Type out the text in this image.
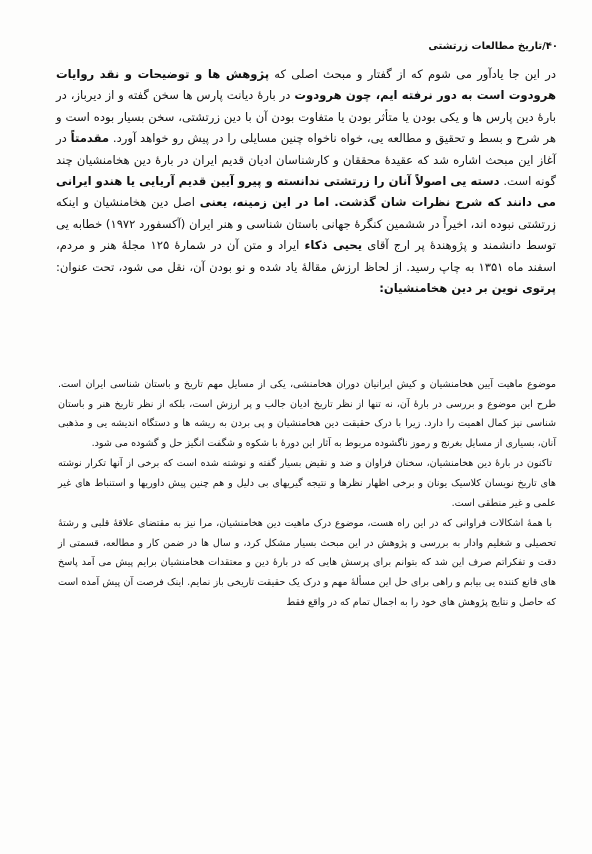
۴۰/تاریخ مطالعات زرتشتی

در این جا یادآور می شوم که از گفتار و مبحث اصلی که پژوهش ها و توضیحات و نقد روایات هرودوت است به دور نرفته ایم، چون هرودوت در بارهٔ دیانت پارس ها سخن گفته و از دیرباز، در بارهٔ دین پارس ها و یکی بودن یا متأثر بودن یا متفاوت بودن آن با دین زرتشتی، سخن بسیار بوده است و هر شرح و بسط و تحقیق و مطالعه یی، خواه ناخواه چنین مسایلی را در پیش رو خواهد آورد. مقدمتاً در آغاز این مبحث اشاره شد که عقیدهٔ محققان و کارشناسان ادیان قدیم ایران در بارهٔ دین هخامنشیان چند گونه است. دسته یی اصولاً آنان را زرتشتی ندانسته و پیرو آیین قدیم آریایی یا هندو ایرانی می دانند که شرح نظرات شان گذشت. اما در این زمینه، یعنی اصل دین هخامنشیان و اینکه زرتشتی نبوده اند، اخیراً در ششمین کنگرهٔ جهانی باستان شناسی و هنر ایران (آکسفورد ۱۹۷۲) خطابه یی توسط دانشمند و پژوهندهٔ پر ارج آقای یحیی ذکاء ایراد و متن آن در شمارهٔ ۱۲۵ مجلهٔ هنر و مردم، اسفند ماه ۱۳۵۱ به چاپ رسید. از لحاظ ارزش مقالهٔ یاد شده و نو بودن آن، نقل می شود، تحت عنوان: پرتوی نوین بر دین هخامنشیان:

موضوع ماهیت آیین هخامنشیان و کیش ایرانیان دوران هخامنشی، یکی از مسایل مهم تاریخ و باستان شناسی ایران است. طرح این موضوع و بررسی در بارهٔ آن، نه تنها از نظر تاریخ ادیان جالب و پر ارزش است، بلکه از نظر تاریخ هنر و باستان شناسی نیز کمال اهمیت را دارد. زیرا با درک حقیقت دین هخامنشیان و پی بردن به ریشه ها و دستگاه اندیشه یی و مذهبی آنان، بسیاری از مسایل بغرنج و رموز ناگشوده مربوط به آثار این دورهٔ با شکوه و شگفت انگیز حل و گشوده می شود.

تاکنون در بارهٔ دین هخامنشیان، سخنان فراوان و ضد و نقیض بسیار گفته و نوشته شده است که برخی از آنها تکرار نوشته های تاریخ نویسان کلاسیک یونان و برخی اظهار نظرها و نتیجه گیریهای بی دلیل و هم چنین پیش داوریها و استنباط های غیر علمی و غیر منطقی است.

با همهٔ اشکالات فراوانی که در این راه هست، موضوع درک ماهیت دین هخامنشیان، مرا نیز به مقتضای علاقهٔ قلبی و رشتهٔ تحصیلی و شغلیم وادار به بررسی و پژوهش در این مبحث بسیار مشکل کرد، و سال ها در ضمن کار و مطالعه، قسمتی از دقت و تفکراتم صرف این شد که بتوانم برای پرسش هایی که در بارهٔ دین و معتقدات هخامنشیان برایم پیش می آمد پاسخ های قانع کننده یی بیابم و راهی برای حل این مسألهٔ مهم و درک یک حقیقت تاریخی باز نمایم. اینک فرصت آن پیش آمده است که حاصل و نتایج پژوهش های خود را به اجمال تمام که در واقع فقط
